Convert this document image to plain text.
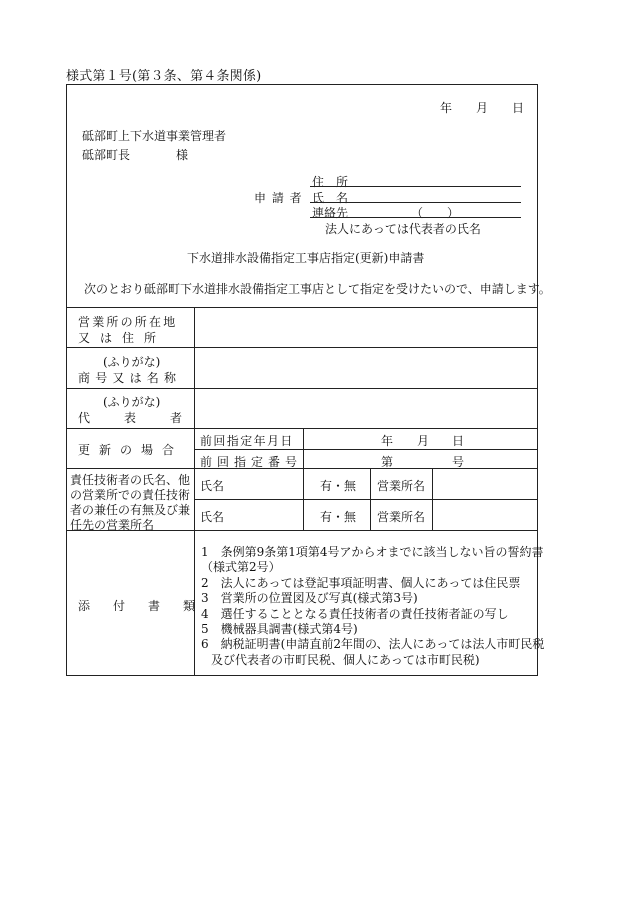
様式第１号(第３条、第４条関係)
年 月 日
砥部町上下水道事業管理者
砥部町長	様
申 請 者
住　所
氏　名
連絡先	（　　）
法人にあっては代表者の氏名
下水道排水設備指定工事店指定(更新)申請書
次のとおり砥部町下水道排水設備指定工事店として指定を受けたいので、申請します。
営業所の所在地
又は住所
(ふりがな)
商号又は名称
(ふりがな)
代表者
更新の場合
前回指定年月日	年 月 日
前回指定番号	第	号
責任技術者の氏名、他
の営業所での責任技術
者の兼任の有無及び兼
任先の営業所名
氏名	有・無 営業所名
氏名	有・無 営業所名
添付書類
1　条例第9条第1項第4号アからオまでに該当しない旨の誓約書
（様式第2号）
2　法人にあっては登記事項証明書、個人にあっては住民票
3　営業所の位置図及び写真(様式第3号)
4　選任することとなる責任技術者の責任技術者証の写し
5　機械器具調書(様式第4号)
6　納税証明書(申請直前2年間の、法人にあっては法人市町民税
及び代表者の市町民税、個人にあっては市町民税)
